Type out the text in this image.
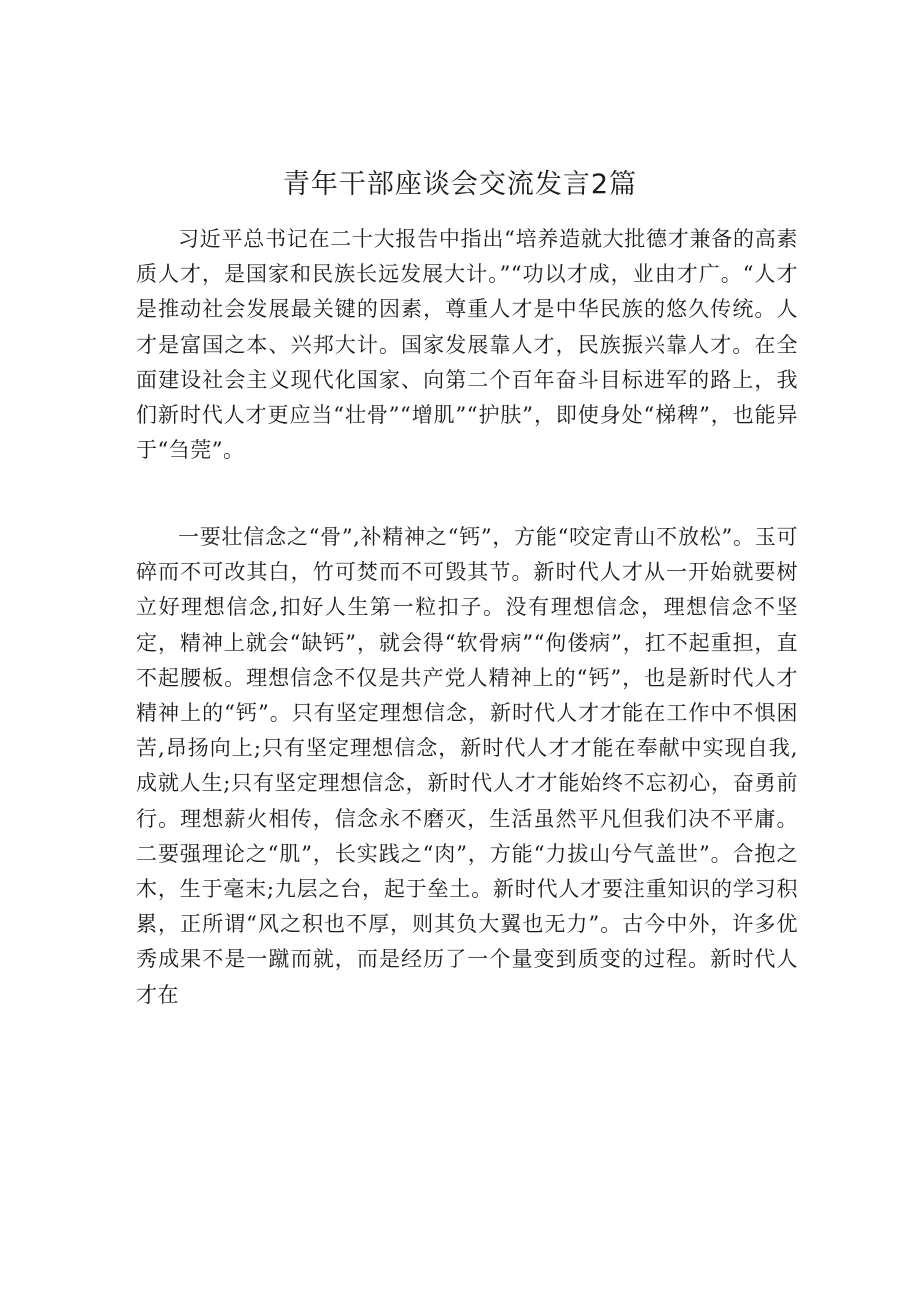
青年干部座谈会交流发言2篇

习近平总书记在二十大报告中指出“培养造就大批德才兼备的高素质人才，是国家和民族长远发展大计。”“功以才成，业由才广。“人才是推动社会发展最关键的因素，尊重人才是中华民族的悠久传统。人才是富国之本、兴邦大计。国家发展靠人才，民族振兴靠人才。在全面建设社会主义现代化国家、向第二个百年奋斗目标进军的路上，我们新时代人才更应当“壮骨”“增肌”“护肤”，即使身处“梯稗”，也能异于“刍莞”。

一要壮信念之“骨”,补精神之“钙”，方能“咬定青山不放松”。玉可碎而不可改其白，竹可焚而不可毁其节。新时代人才从一开始就要树立好理想信念,扣好人生第一粒扣子。没有理想信念，理想信念不坚定，精神上就会“缺钙”，就会得“软骨病”“佝偻病”，扛不起重担，直不起腰板。理想信念不仅是共产党人精神上的“钙”，也是新时代人才精神上的“钙”。只有坚定理想信念，新时代人才才能在工作中不惧困苦,昂扬向上;只有坚定理想信念，新时代人才才能在奉献中实现自我,成就人生;只有坚定理想信念，新时代人才才能始终不忘初心，奋勇前行。理想薪火相传，信念永不磨灭，生活虽然平凡但我们决不平庸。二要强理论之“肌”，长实践之“肉”，方能“力拔山兮气盖世”。合抱之木，生于毫末;九层之台，起于垒土。新时代人才要注重知识的学习积累，正所谓“风之积也不厚，则其负大翼也无力”。古今中外，许多优秀成果不是一蹴而就，而是经历了一个量变到质变的过程。新时代人才在
